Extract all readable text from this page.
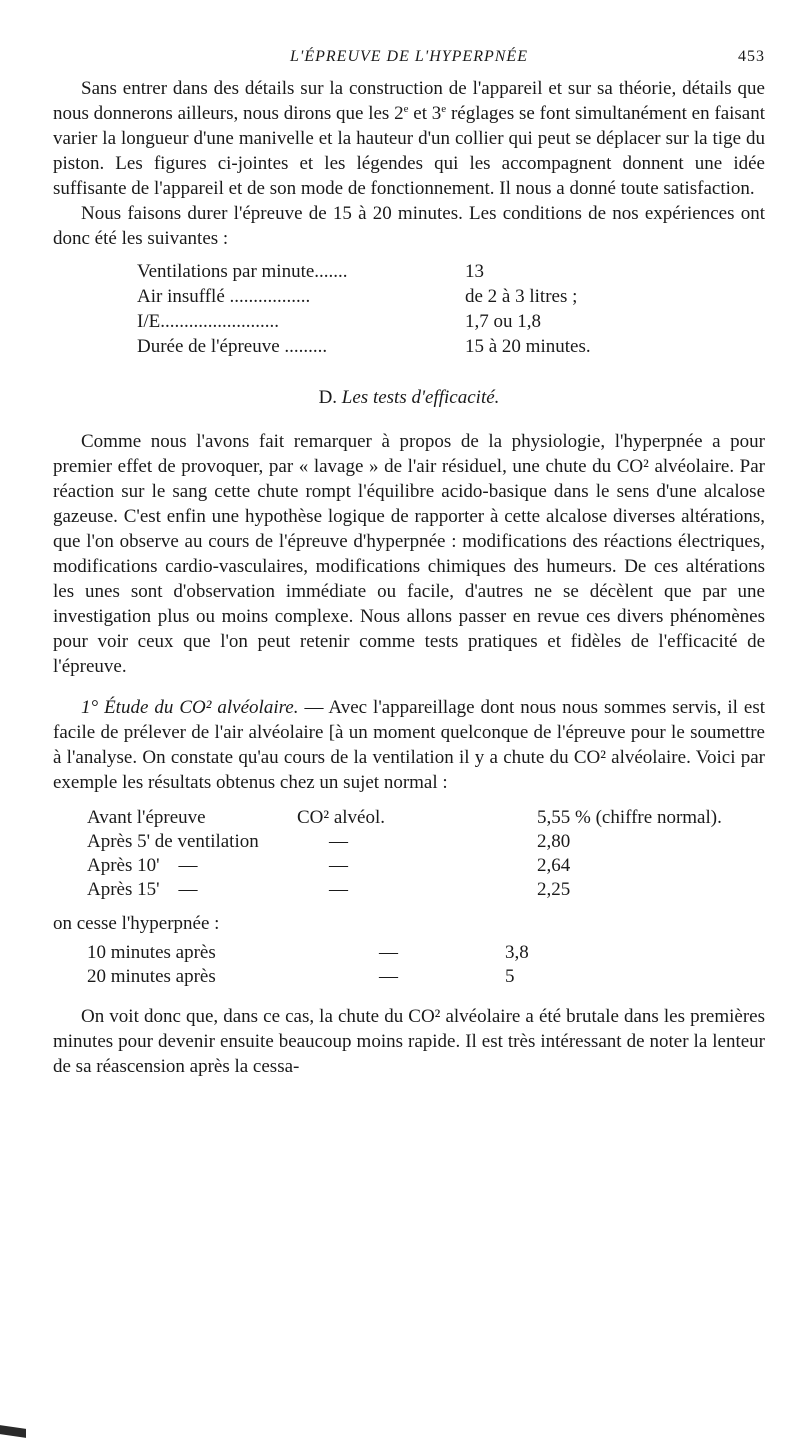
L'ÉPREUVE DE L'HYPERPNÉE	453

Sans entrer dans des détails sur la construction de l'appareil et sur sa théorie, détails que nous donnerons ailleurs, nous dirons que les 2e et 3e réglages se font simultanément en faisant varier la longueur d'une manivelle et la hauteur d'un collier qui peut se déplacer sur la tige du piston. Les figures ci-jointes et les légendes qui les accompagnent donnent une idée suffisante de l'appareil et de son mode de fonctionnement. Il nous a donné toute satisfaction.

Nous faisons durer l'épreuve de 15 à 20 minutes. Les conditions de nos expériences ont donc été les suivantes :

Ventilations par minute.......	13
Air insufflé .................	de 2 à 3 litres ;
I/E.........................	1,7 ou 1,8
Durée de l'épreuve .........	15 à 20 minutes.
D. Les tests d'efficacité.

Comme nous l'avons fait remarquer à propos de la physiologie, l'hyperpnée a pour premier effet de provoquer, par « lavage » de l'air résiduel, une chute du CO² alvéolaire. Par réaction sur le sang cette chute rompt l'équilibre acido-basique dans le sens d'une alcalose gazeuse. C'est enfin une hypothèse logique de rapporter à cette alcalose diverses altérations, que l'on observe au cours de l'épreuve d'hyperpnée : modifications des réactions électriques, modifications cardio-vasculaires, modifications chimiques des humeurs. De ces altérations les unes sont d'observation immédiate ou facile, d'autres ne se décèlent que par une investigation plus ou moins complexe. Nous allons passer en revue ces divers phénomènes pour voir ceux que l'on peut retenir comme tests pratiques et fidèles de l'efficacité de l'épreuve.

1° Étude du CO² alvéolaire. — Avec l'appareillage dont nous nous sommes servis, il est facile de prélever de l'air alvéolaire [à un moment quelconque de l'épreuve pour le soumettre à l'analyse. On constate qu'au cours de la ventilation il y a chute du CO² alvéolaire. Voici par exemple les résultats obtenus chez un sujet normal :

Avant l'épreuve	CO² alvéol.	5,55 % (chiffre normal).
Après 5' de ventilation	—	2,80
Après 10'    —	—	2,64
Après 15'    —	—	2,25

on cesse l'hyperpnée :

10 minutes après	—	3,8
20 minutes après	—	5

On voit donc que, dans ce cas, la chute du CO² alvéolaire a été brutale dans les premières minutes pour devenir ensuite beaucoup moins rapide. Il est très intéressant de noter la lenteur de sa réascension après la cessa-
